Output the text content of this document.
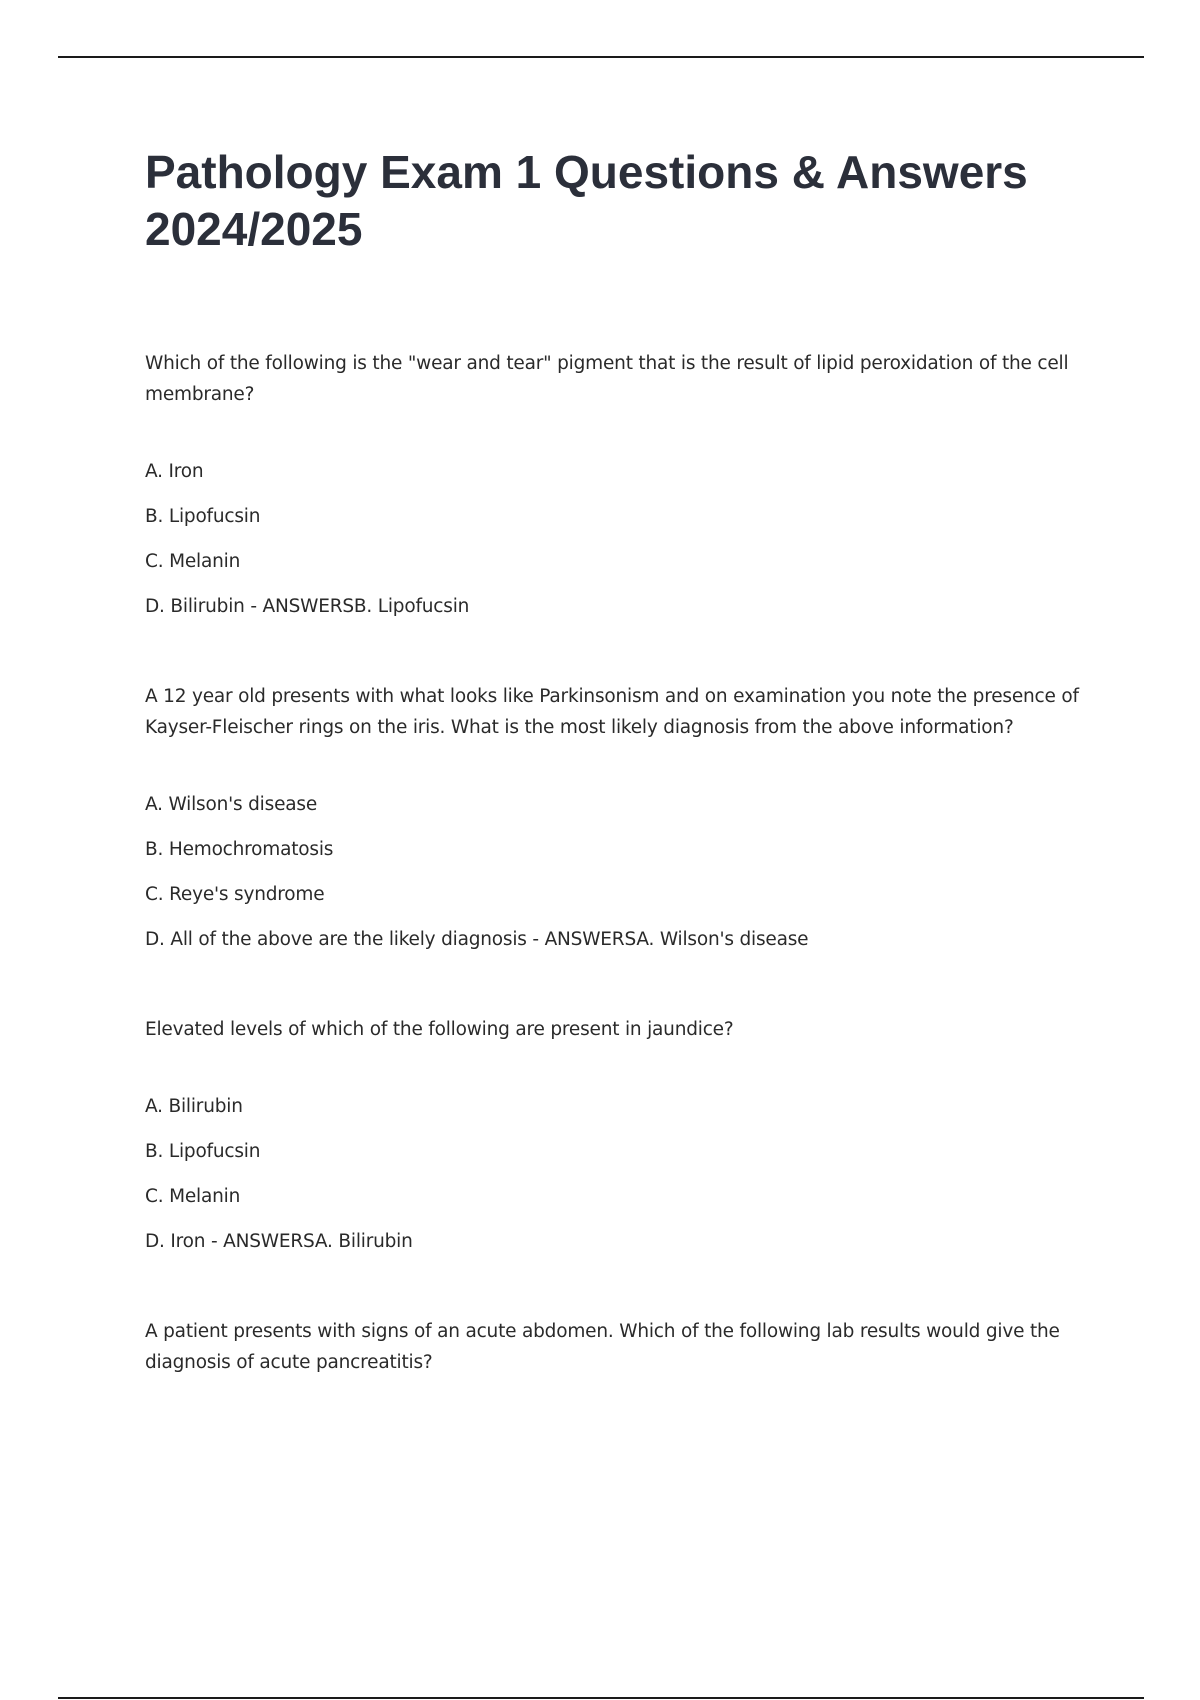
Pathology Exam 1 Questions & Answers 2024/2025

Which of the following is the "wear and tear" pigment that is the result of lipid peroxidation of the cell membrane?

A. Iron
B. Lipofucsin
C. Melanin
D. Bilirubin - ANSWERSB. Lipofucsin

A 12 year old presents with what looks like Parkinsonism and on examination you note the presence of Kayser-Fleischer rings on the iris. What is the most likely diagnosis from the above information?

A. Wilson's disease
B. Hemochromatosis
C. Reye's syndrome
D. All of the above are the likely diagnosis - ANSWERSA. Wilson's disease

Elevated levels of which of the following are present in jaundice?

A. Bilirubin
B. Lipofucsin
C. Melanin
D. Iron - ANSWERSA. Bilirubin

A patient presents with signs of an acute abdomen. Which of the following lab results would give the diagnosis of acute pancreatitis?
